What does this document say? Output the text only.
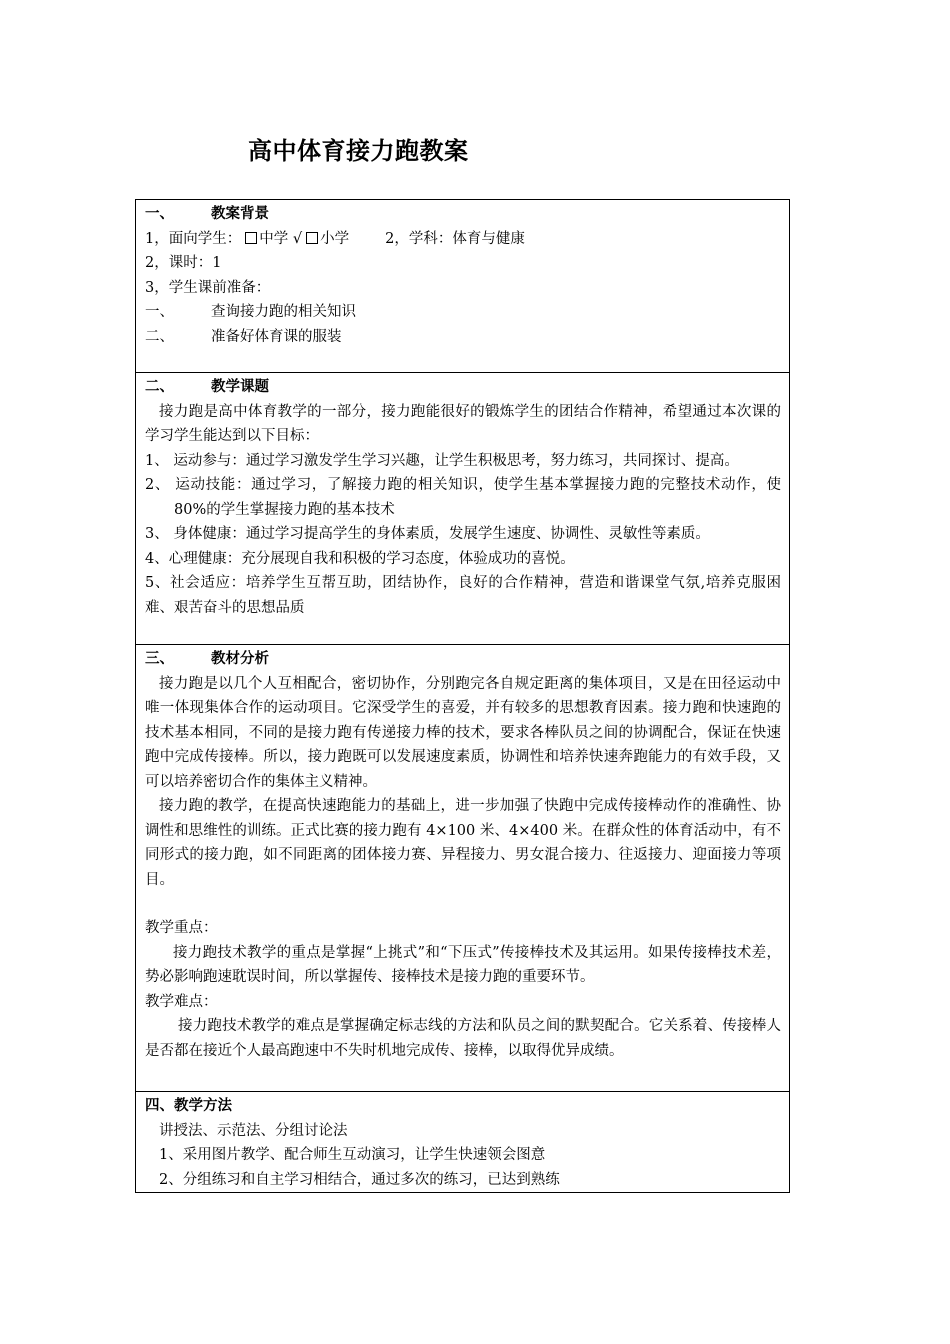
高中体育接力跑教案
一、	教案背景
1，面向学生： 中学 √ 小学 2，学科：体育与健康
2，课时：1
3，学生课前准备：
一、	查询接力跑的相关知识
二、	准备好体育课的服装

二、	教学课题
接力跑是高中体育教学的一部分，接力跑能很好的锻炼学生的团结合作精神，希望通过本次课的学习学生能达到以下目标：
1、 运动参与：通过学习激发学生学习兴趣，让学生积极思考，努力练习，共同探讨、提高。
2、 运动技能：通过学习，了解接力跑的相关知识，使学生基本掌握接力跑的完整技术动作，使 80%的学生掌握接力跑的基本技术
3、 身体健康：通过学习提高学生的身体素质，发展学生速度、协调性、灵敏性等素质。
4、心理健康：充分展现自我和积极的学习态度，体验成功的喜悦。
5、社会适应：培养学生互帮互助，团结协作，良好的合作精神，营造和谐课堂气氛,培养克服困难、艰苦奋斗的思想品质

三、	教材分析
接力跑是以几个人互相配合，密切协作，分别跑完各自规定距离的集体项目，又是在田径运动中唯一体现集体合作的运动项目。它深受学生的喜爱，并有较多的思想教育因素。接力跑和快速跑的技术基本相同，不同的是接力跑有传递接力棒的技术，要求各棒队员之间的协调配合，保证在快速跑中完成传接棒。所以，接力跑既可以发展速度素质，协调性和培养快速奔跑能力的有效手段，又可以培养密切合作的集体主义精神。
接力跑的教学，在提高快速跑能力的基础上，进一步加强了快跑中完成传接棒动作的准确性、协调性和思维性的训练。正式比赛的接力跑有 4×100 米、4×400 米。在群众性的体育活动中，有不同形式的接力跑，如不同距离的团体接力赛、异程接力、男女混合接力、往返接力、迎面接力等项目。
教学重点：
接力跑技术教学的重点是掌握“上挑式”和“下压式”传接棒技术及其运用。如果传接棒技术差，势必影响跑速耽误时间，所以掌握传、接棒技术是接力跑的重要环节。
教学难点：
接力跑技术教学的难点是掌握确定标志线的方法和队员之间的默契配合。它关系着、传接棒人是否都在接近个人最高跑速中不失时机地完成传、接棒，以取得优异成绩。

四、教学方法
讲授法、示范法、分组讨论法
1、采用图片教学、配合师生互动演习，让学生快速领会图意
2、分组练习和自主学习相结合，通过多次的练习，已达到熟练
